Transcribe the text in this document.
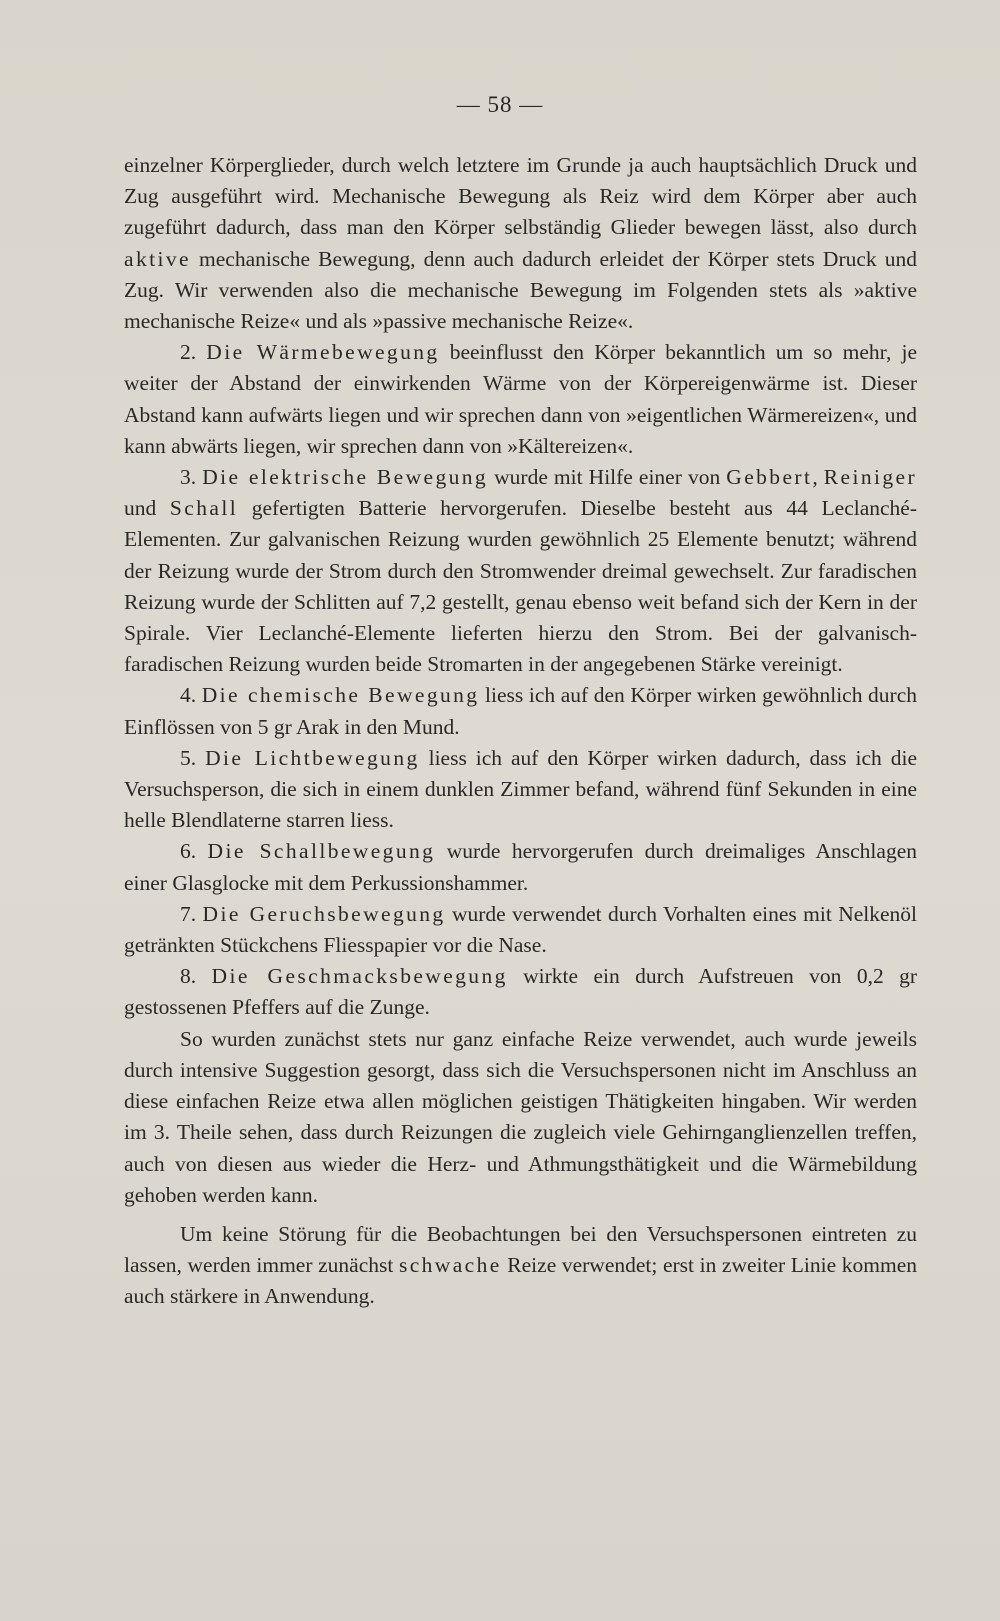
— 58 —

einzelner Körperglieder, durch welch letztere im Grunde ja auch hauptsächlich Druck und Zug ausgeführt wird. Mechanische Bewegung als Reiz wird dem Körper aber auch zugeführt dadurch, dass man den Körper selbständig Glieder bewegen lässt, also durch aktive mechanische Bewegung, denn auch dadurch erleidet der Körper stets Druck und Zug. Wir verwenden also die mechanische Bewegung im Folgenden stets als »aktive mechanische Reize« und als »passive mechanische Reize«.

2. Die Wärmebewegung beeinflusst den Körper bekanntlich um so mehr, je weiter der Abstand der einwirkenden Wärme von der Körpereigenwärme ist. Dieser Abstand kann aufwärts liegen und wir sprechen dann von »eigentlichen Wärmereizen«, und kann abwärts liegen, wir sprechen dann von »Kältereizen«.

3. Die elektrische Bewegung wurde mit Hilfe einer von Gebbert, Reiniger und Schall gefertigten Batterie hervorgerufen. Dieselbe besteht aus 44 Leclanché-Elementen. Zur galvanischen Reizung wurden gewöhnlich 25 Elemente benutzt; während der Reizung wurde der Strom durch den Stromwender dreimal gewechselt. Zur faradischen Reizung wurde der Schlitten auf 7,2 gestellt, genau ebenso weit befand sich der Kern in der Spirale. Vier Leclanché-Elemente lieferten hierzu den Strom. Bei der galvanisch-faradischen Reizung wurden beide Stromarten in der angegebenen Stärke vereinigt.

4. Die chemische Bewegung liess ich auf den Körper wirken gewöhnlich durch Einflössen von 5 gr Arak in den Mund.

5. Die Lichtbewegung liess ich auf den Körper wirken dadurch, dass ich die Versuchsperson, die sich in einem dunklen Zimmer befand, während fünf Sekunden in eine helle Blendlaterne starren liess.

6. Die Schallbewegung wurde hervorgerufen durch dreimaliges Anschlagen einer Glasglocke mit dem Perkussionshammer.

7. Die Geruchsbewegung wurde verwendet durch Vorhalten eines mit Nelkenöl getränkten Stückchens Fliesspapier vor die Nase.

8. Die Geschmacksbewegung wirkte ein durch Aufstreuen von 0,2 gr gestossenen Pfeffers auf die Zunge.

So wurden zunächst stets nur ganz einfache Reize verwendet, auch wurde jeweils durch intensive Suggestion gesorgt, dass sich die Versuchspersonen nicht im Anschluss an diese einfachen Reize etwa allen möglichen geistigen Thätigkeiten hingaben. Wir werden im 3. Theile sehen, dass durch Reizungen die zugleich viele Gehirnganglienzellen treffen, auch von diesen aus wieder die Herz- und Athmungsthätigkeit und die Wärmebildung gehoben werden kann.

Um keine Störung für die Beobachtungen bei den Versuchspersonen eintreten zu lassen, werden immer zunächst schwache Reize verwendet; erst in zweiter Linie kommen auch stärkere in Anwendung.
